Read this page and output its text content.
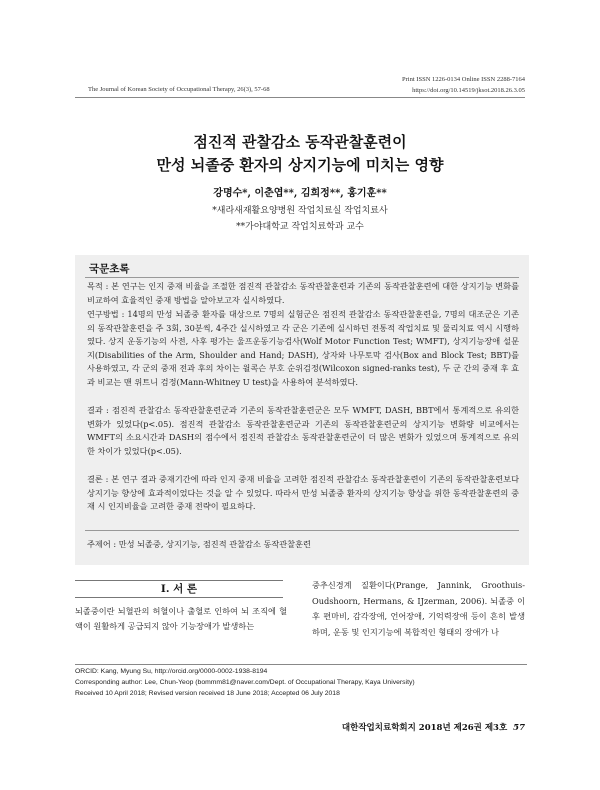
The Journal of Korean Society of Occupational Therapy, 26(3), 57-68
Print ISSN 1226-0134 Online ISSN 2288-7164
https://doi.org/10.14519/jksot.2018.26.3.05
점진적 관찰감소 동작관찰훈련이
만성 뇌졸중 환자의 상지기능에 미치는 영향
강명수*, 이춘엽**, 김희정**, 홍기훈**
*새라새재활요양병원 작업치료실 작업치료사
**가야대학교 작업치료학과 교수
국문초록
목적 : 본 연구는 인지 중재 비율을 조절한 점진적 관찰감소 동작관찰훈련과 기존의 동작관찰훈련에 대한 상지기능 변화를 비교하여 효율적인 중재 방법을 알아보고자 실시하였다.
연구방법 : 14명의 만성 뇌졸중 환자를 대상으로 7명의 실험군은 점진적 관찰감소 동작관찰훈련을, 7명의 대조군은 기존의 동작관찰훈련을 주 3회, 30분씩, 4주간 실시하였고 각 군은 기존에 실시하던 전통적 작업치료 및 물리치료 역시 시행하였다. 상지 운동기능의 사전, 사후 평가는 울프운동기능검사(Wolf Motor Function Test; WMFT), 상지기능장애 설문지(Disabilities of the Arm, Shoulder and Hand; DASH), 상자와 나무토막 검사(Box and Block Test; BBT)를 사용하였고, 각 군의 중재 전과 후의 차이는 윌콕슨 부호 순위검정(Wilcoxon signed-ranks test), 두 군 간의 중재 후 효과 비교는 맨 위트니 검정(Mann-Whitney U test)을 사용하여 분석하였다.
결과 : 점진적 관찰감소 동작관찰훈련군과 기존의 동작관찰훈련군은 모두 WMFT, DASH, BBT에서 통계적으로 유의한 변화가 있었다(p<.05). 점진적 관찰감소 동작관찰훈련군과 기존의 동작관찰훈련군의 상지기능 변화량 비교에서는 WMFT의 소요시간과 DASH의 점수에서 점진적 관찰감소 동작관찰훈련군이 더 많은 변화가 있었으며 통계적으로 유의한 차이가 있었다(p<.05).
결론 : 본 연구 결과 중재기간에 따라 인지 중재 비율을 고려한 점진적 관찰감소 동작관찰훈련이 기존의 동작관찰훈련보다 상지기능 향상에 효과적이었다는 것을 알 수 있었다. 따라서 만성 뇌졸중 환자의 상지기능 향상을 위한 동작관찰훈련의 중재 시 인지비율을 고려한 중재 전략이 필요하다.
주제어 : 만성 뇌졸중, 상지기능, 점진적 관찰감소 동작관찰훈련
I. 서 론
뇌졸중이란 뇌혈관의 허혈이나 출혈로 인하여 뇌 조직에 혈액이 원활하게 공급되지 않아 기능장애가 발생하는
중추신경계 질환이다(Prange, Jannink, Groothuis-Oudshoorn, Hermans, & IJzerman, 2006). 뇌졸중 이후 편마비, 감각장애, 언어장애, 기억력장애 등이 흔히 발생하며, 운동 및 인지기능에 복합적인 형태의 장애가 나
ORCID: Kang, Myung Su, http://orcid.org/0000-0002-1938-8194
Corresponding author: Lee, Chun-Yeop (bommm81@naver.com/Dept. of Occupational Therapy, Kaya University)
Received 10 April 2018; Revised version received 18 June 2018; Accepted 06 July 2018
대한작업치료학회지 2018년 제26권 제3호 57
